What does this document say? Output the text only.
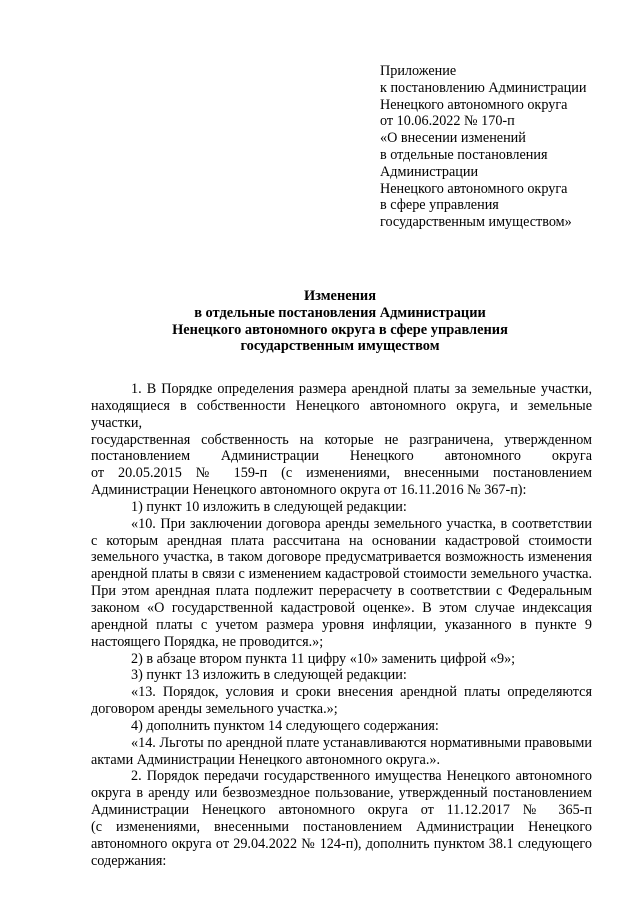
Приложение
к постановлению Администрации
Ненецкого автономного округа
от 10.06.2022 № 170-п
«О внесении изменений
в отдельные постановления
Администрации
Ненецкого автономного округа
в сфере управления
государственным имуществом»
Изменения
в отдельные постановления Администрации
Ненецкого автономного округа в сфере управления
государственным имуществом
1. В Порядке определения размера арендной платы за земельные участки,
находящиеся в собственности Ненецкого автономного округа, и земельные участки,
государственная собственность на которые не разграничена, утвержденном
постановлением Администрации Ненецкого автономного округа
от 20.05.2015 № 159-п (с изменениями, внесенными постановлением
Администрации Ненецкого автономного округа от 16.11.2016 № 367-п):
1) пункт 10 изложить в следующей редакции:
«10. При заключении договора аренды земельного участка, в соответствии
с которым арендная плата рассчитана на основании кадастровой стоимости
земельного участка, в таком договоре предусматривается возможность изменения
арендной платы в связи с изменением кадастровой стоимости земельного участка.
При этом арендная плата подлежит перерасчету в соответствии с Федеральным
законом «О государственной кадастровой оценке». В этом случае индексация
арендной платы с учетом размера уровня инфляции, указанного в пункте 9
настоящего Порядка, не проводится.»;
2) в абзаце втором пункта 11 цифру «10» заменить цифрой «9»;
3) пункт 13 изложить в следующей редакции:
«13. Порядок, условия и сроки внесения арендной платы определяются
договором аренды земельного участка.»;
4) дополнить пунктом 14 следующего содержания:
«14. Льготы по арендной плате устанавливаются нормативными правовыми
актами Администрации Ненецкого автономного округа.».
2. Порядок передачи государственного имущества Ненецкого автономного
округа в аренду или безвозмездное пользование, утвержденный постановлением
Администрации Ненецкого автономного округа от 11.12.2017 № 365-п
(с изменениями, внесенными постановлением Администрации Ненецкого
автономного округа от 29.04.2022 № 124-п), дополнить пунктом 38.1 следующего
содержания:
